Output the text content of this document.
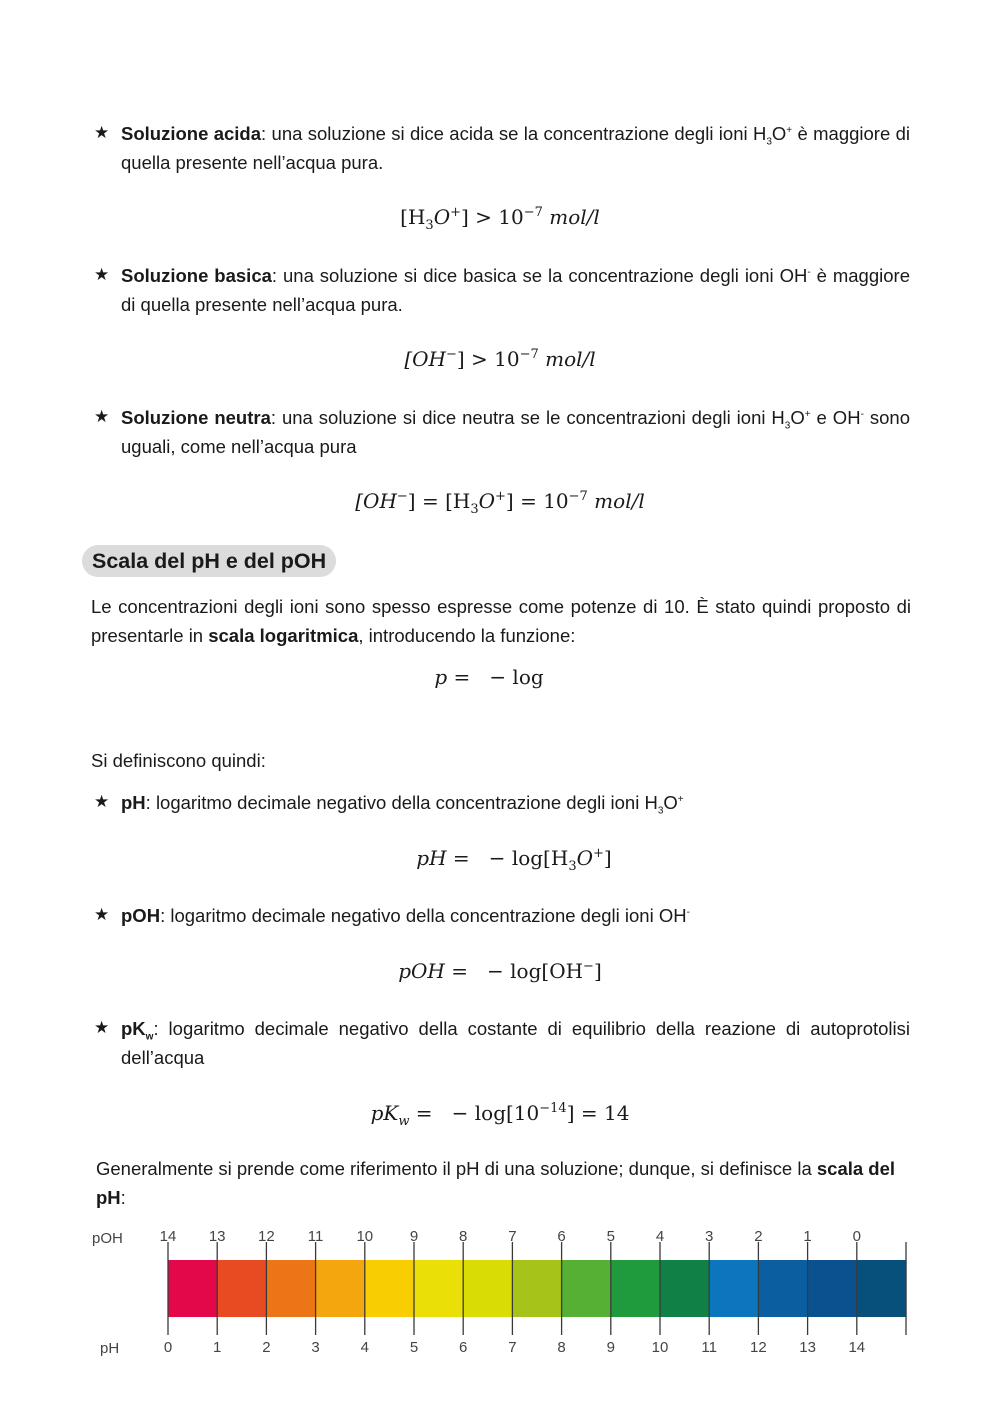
★ Soluzione acida: una soluzione si dice acida se la concentrazione degli ioni $H_3O^+$ è maggiore di quella presente nell’acqua pura.
$[H_3O^+] > 10^{-7}$ mol/l
★ Soluzione basica: una soluzione si dice basica se la concentrazione degli ioni OH- è maggiore di quella presente nell’acqua pura.
$[OH^-] > 10^{-7}$ mol/l
★ Soluzione neutra: una soluzione si dice neutra se le concentrazioni degli ioni $H_3O^+$ e OH- sono uguali, come nell’acqua pura
$[OH^-] = [H_3O^+] = 10^{-7}$ mol/l
Scala del pH e del pOH
Le concentrazioni degli ioni sono spesso espresse come potenze di 10. È stato quindi proposto di presentarle in scala logaritmica, introducendo la funzione:
p =   − log
Si definiscono quindi:
★ pH: logaritmo decimale negativo della concentrazione degli ioni $H_3O^+$
pH =   − $\log[H_3O^+]$
★ pOH: logaritmo decimale negativo della concentrazione degli ioni OH-
pOH =   − log[OH−]
★ $pK_w$: logaritmo decimale negativo della costante di equilibrio della reazione di autoprotolisi dell’acqua
$pK_w$ =   − $\log[10^{-14}] = 14$
Generalmente si prende come riferimento il pH di una soluzione; dunque, si definisce la scala del pH:
pOH
pH
14
0
13
1
12
2
11
3
10
4
9
5
8
6
7
7
6
8
5
9
4
10
3
11
2
12
1
13
0
14
